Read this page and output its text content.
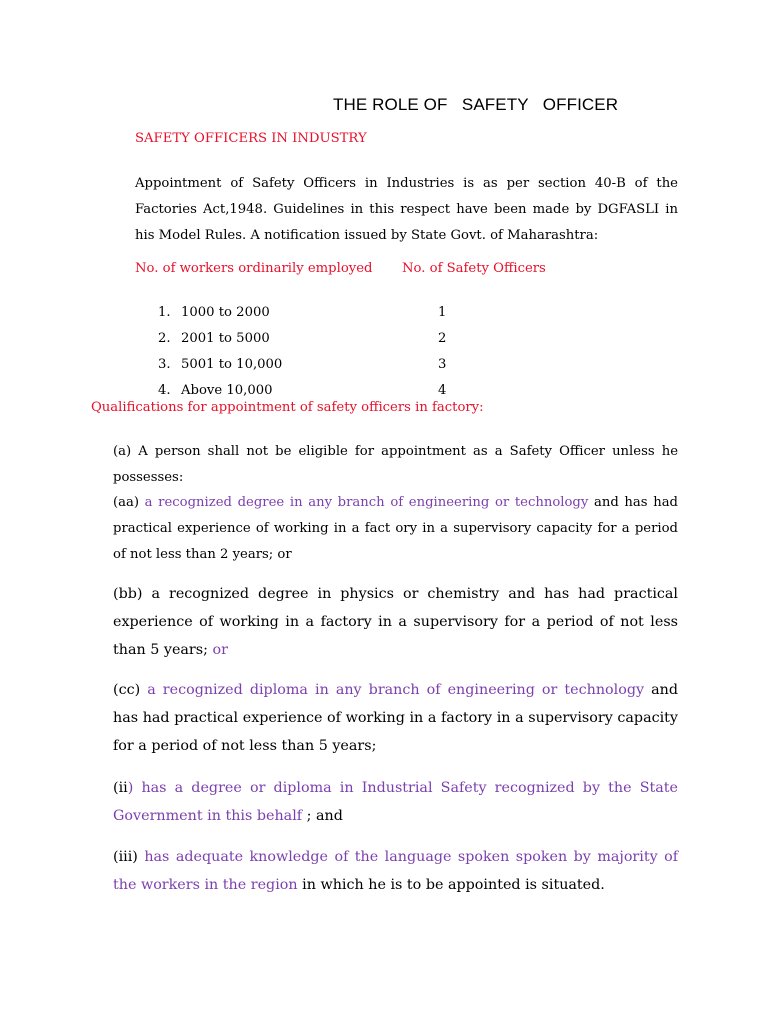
THE ROLE OF   SAFETY   OFFICER
SAFETY OFFICERS IN INDUSTRY
Appointment of Safety Officers in Industries is as per section 40-B of the Factories Act,1948. Guidelines in this respect have been made by DGFASLI in his Model Rules. A notification issued by State Govt. of Maharashtra:
No. of workers ordinarily employed No. of Safety Officers
1. 1000 to 2000	1
2. 2001 to 5000	2
3. 5001 to 10,000	3
4. Above 10,000	4
Qualifications for appointment of safety officers in factory:
(a) A person shall not be eligible for appointment as a Safety Officer unless he possesses:
(aa) a recognized degree in any branch of engineering or technology and has had practical experience of working in a fact ory in a supervisory capacity for a period of not less than 2 years; or
(bb) a recognized degree in physics or chemistry and has had practical experience of working in a factory in a supervisory for a period of not less than 5 years; or
(cc) a recognized diploma in any branch of engineering or technology and has had practical experience of working in a factory in a supervisory capacity for a period of not less than 5 years;
(ii) has a degree or diploma in Industrial Safety recognized by the State Government in this behalf ; and
(iii) has adequate knowledge of the language spoken spoken by majority of the workers in the region in which he is to be appointed is situated.
